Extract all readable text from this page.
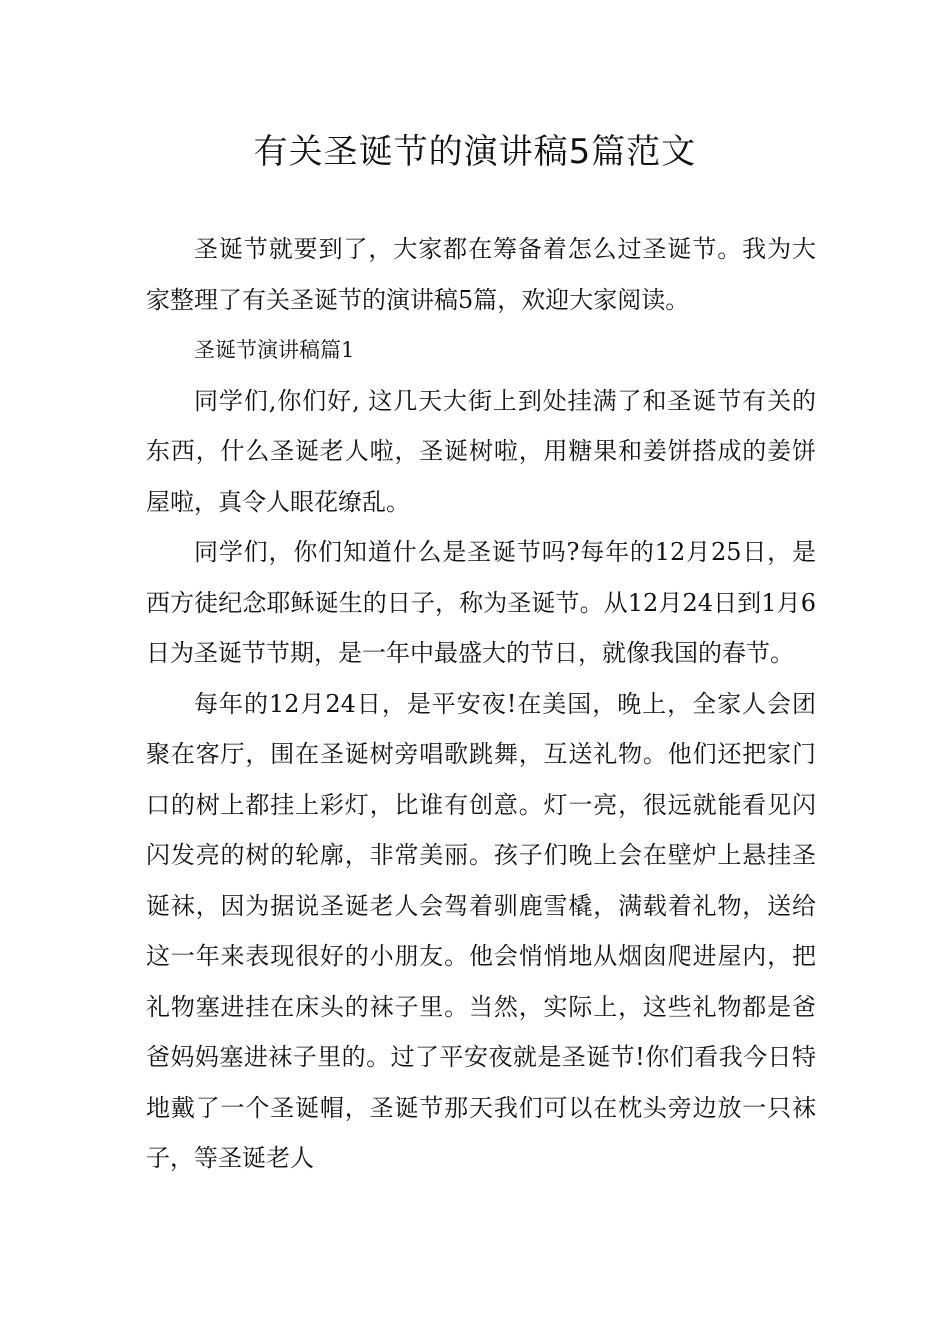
有关圣诞节的演讲稿5篇范文

圣诞节就要到了，大家都在筹备着怎么过圣诞节。我为大家整理了有关圣诞节的演讲稿5篇，欢迎大家阅读。

圣诞节演讲稿篇1

同学们,你们好, 这几天大街上到处挂满了和圣诞节有关的东西，什么圣诞老人啦，圣诞树啦，用糖果和姜饼搭成的姜饼屋啦，真令人眼花缭乱。

同学们，你们知道什么是圣诞节吗?每年的12月25日，是西方徒纪念耶稣诞生的日子，称为圣诞节。从12月24日到1月6日为圣诞节节期，是一年中最盛大的节日，就像我国的春节。

每年的12月24日，是平安夜!在美国，晚上，全家人会团聚在客厅，围在圣诞树旁唱歌跳舞，互送礼物。他们还把家门口的树上都挂上彩灯，比谁有创意。灯一亮，很远就能看见闪闪发亮的树的轮廓，非常美丽。孩子们晚上会在壁炉上悬挂圣诞袜，因为据说圣诞老人会驾着驯鹿雪橇，满载着礼物，送给这一年来表现很好的小朋友。他会悄悄地从烟囱爬进屋内，把礼物塞进挂在床头的袜子里。当然，实际上，这些礼物都是爸爸妈妈塞进袜子里的。过了平安夜就是圣诞节!你们看我今日特地戴了一个圣诞帽，圣诞节那天我们可以在枕头旁边放一只袜子，等圣诞老人
